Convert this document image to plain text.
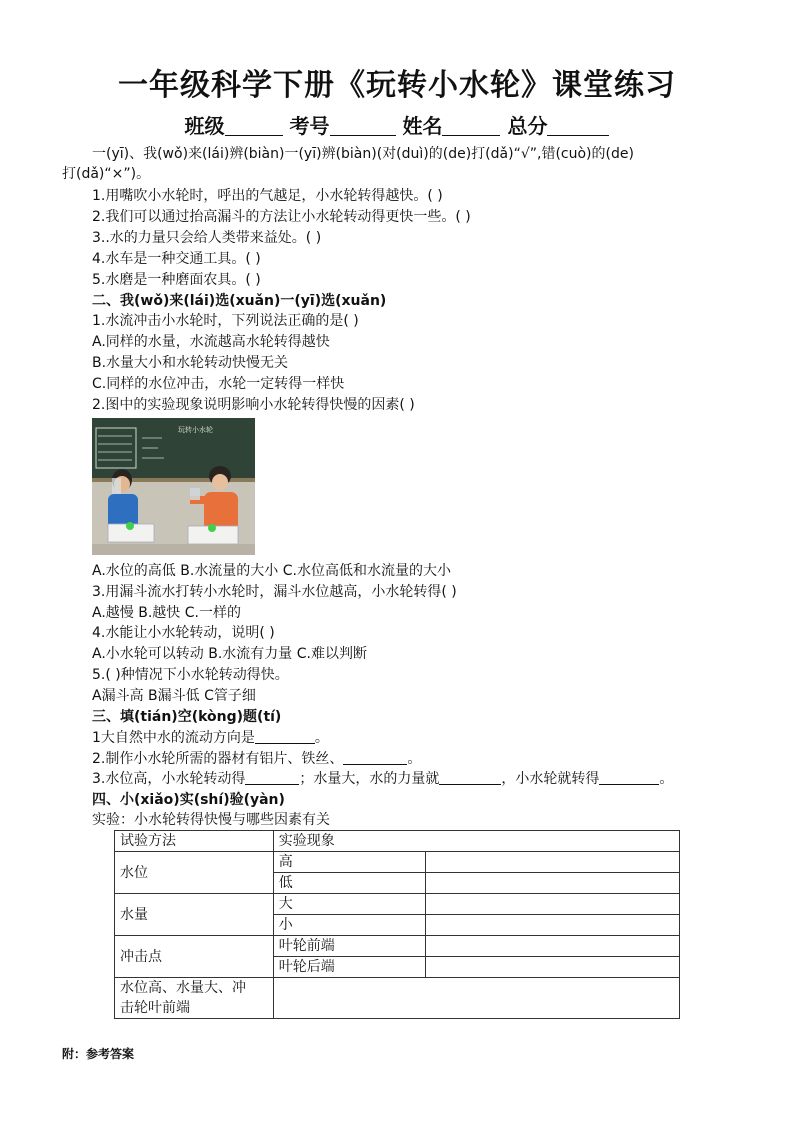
一年级科学下册《玩转小水轮》课堂练习
班级	考号	姓名	总分
一(yī)、我(wǒ)来(lái)辨(biàn)一(yī)辨(biàn)(对(duì)的(de)打(dǎ)“√”,错(cuò)的(de)
打(dǎ)“×”)。
1.用嘴吹小水轮时，呼出的气越足，小水轮转得越快。( )
2.我们可以通过抬高漏斗的方法让小水轮转动得更快一些。( )
3..水的力量只会给人类带来益处。( )
4.水车是一种交通工具。( )
5.水磨是一种磨面农具。( )
二、我(wǒ)来(lái)选(xuǎn)一(yī)选(xuǎn)
1.水流冲击小水轮时，下列说法正确的是( )
A.同样的水量，水流越高水轮转得越快
B.水量大小和水轮转动快慢无关
C.同样的水位冲击，水轮一定转得一样快
2.图中的实验现象说明影响小水轮转得快慢的因素( )
玩转小水轮
A.水位的高低 B.水流量的大小 C.水位高低和水流量的大小
3.用漏斗流水打转小水轮时，漏斗水位越高，小水轮转得( )
A.越慢 B.越快 C.一样的
4.水能让小水轮转动，说明( )
A.小水轮可以转动 B.水流有力量 C.难以判断
5.( )种情况下小水轮转动得快。
A漏斗高 B漏斗低 C管子细
三、填(tián)空(kòng)题(tí)
1大自然中水的流动方向是	。
2.制作小水轮所需的器材有铝片、铁丝、	。
3.水位高，小水轮转动得	；水量大，水的力量就	，小水轮就转得	。
四、小(xiǎo)实(shí)验(yàn)
实验：小水轮转得快慢与哪些因素有关
试验方法	实验现象	
水位	高	
	低	
水量	大	
	小	
冲击点	叶轮前端	
	叶轮后端	
水位高、水量大、冲
击轮叶前端		
附：参考答案
